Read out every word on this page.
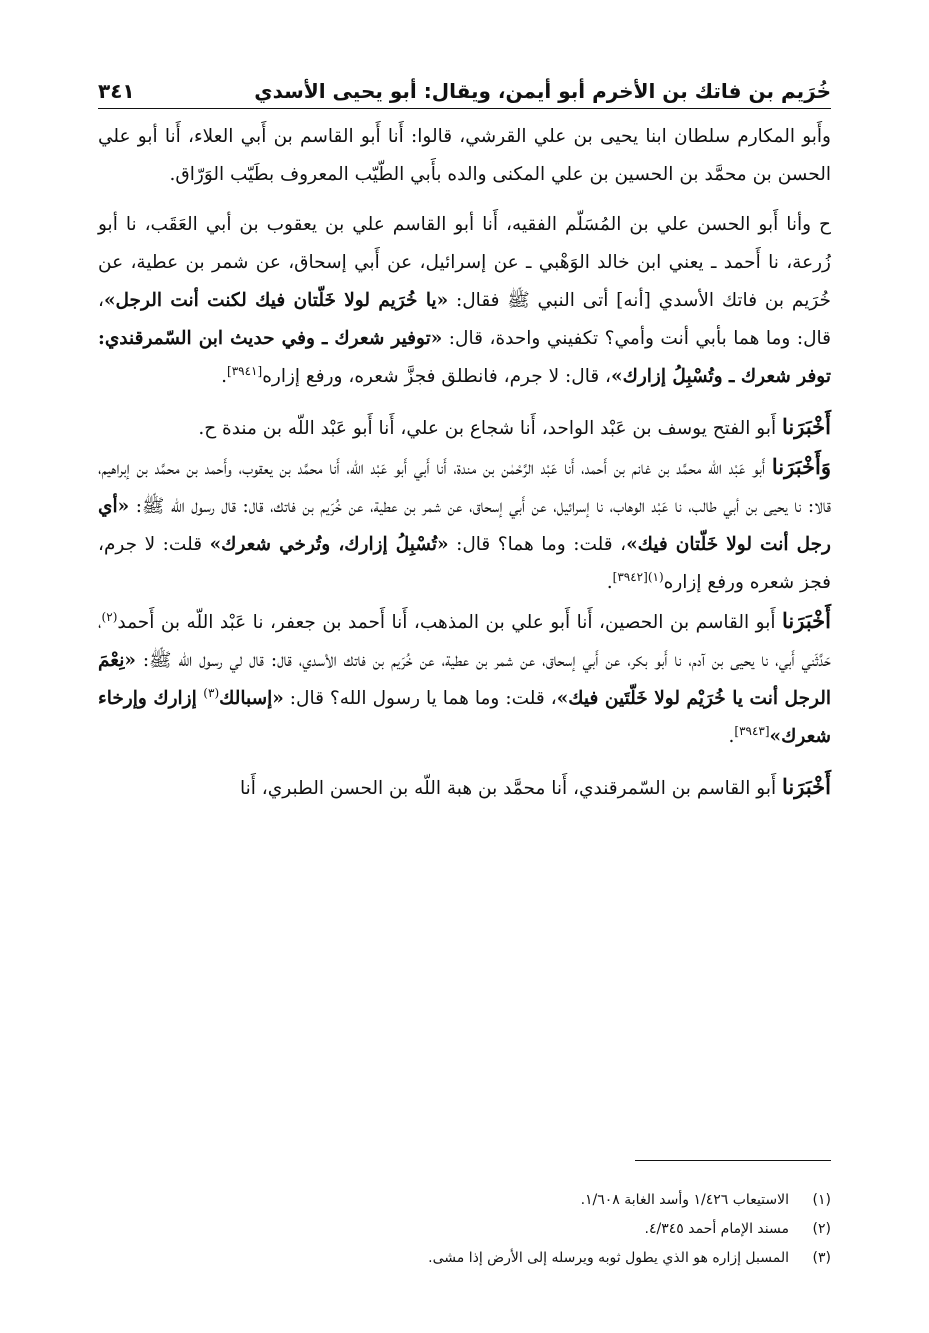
خُرَيم بن فاتك بن الأخرم أبو أيمن، ويقال: أبو يحيى الأسدي
٣٤١

وأَبو المكارم سلطان ابنا يحيى بن علي القرشي، قالوا: أَنا أَبو القاسم بن أَبي العلاء، أَنا أبو علي الحسن بن محمَّد بن الحسين بن علي المكنى والده بأَبي الطّيّب المعروف بطَيّب الوَرّاق.

ح وأنا أَبو الحسن علي بن المُسَلّم الفقيه، أَنا أبو القاسم علي بن يعقوب بن أبي العَقَب، نا أبو زُرعة، نا أَحمد ـ يعني ابن خالد الوَهْبي ـ عن إسرائيل، عن أَبي إسحاق، عن شمر بن عطية، عن خُرَيم بن فاتك الأسدي [أنه] أتى النبي ﷺ فقال: «يا خُرَيم لولا خَلّتان فيك لكنت أنت الرجل»، قال: وما هما بأبي أنت وأمي؟ تكفيني واحدة، قال: «توفير شعرك ـ وفي حديث ابن السّمرقندي: توفر شعرك ـ وتُسْبِلُ إزارك»، قال: لا جرم، فانطلق فجزَّ شعره، ورفع إزاره[٣٩٤١].

أَخْبَرَنا أَبو الفتح يوسف بن عَبْد الواحد، أَنا شجاع بن علي، أَنا أَبو عَبْد اللّه بن مندة ح.

وَأَخْبَرَنا أَبو عَبْد اللّه محمَّد بن غانم بن أَحمد، أَنا عَبْد الرَّحْمٰن بن مندة، أَنا أَبي أَبو عَبْد اللّه، أَنا محمَّد بن يعقوب، وأَحمد بن محمَّد بن إبراهيم، قالا: نا يحيى بن أبي طالب، نا عَبْد الوهاب، نا إسرائيل، عن أَبي إسحاق، عن شمر بن عطية، عن خُرَيم بن فاتك، قال: قال رسول الله ﷺ: «أي رجل أنت لولا خَلّتان فيك»، قلت: وما هما؟ قال: «تُسْبِلُ إزارك، وتُرخي شعرك» قلت: لا جرم، فجز شعره ورفع إزاره$^{(١)[٣٩٤٢]}$.

أَخْبَرَنا أَبو القاسم بن الحصين، أَنا أَبو علي بن المذهب، أَنا أَحمد بن جعفر، نا عَبْد اللّه بن أَحمد$^{(٢)}$، حَدَّثَني أَبي، نا يحيى بن آدم، نا أَبو بكر، عن أَبي إسحاق، عن شمر بن عطية، عن خُرَيم بن فاتك الأسدي، قال: قال لي رسول الله ﷺ: «نِعْمَ الرجل أنت يا خُرَيْم لولا خَلّتَين فيك»، قلت: وما هما يا رسول الله؟ قال: «إسبالك$^{(٣)}$ إزارك وإرخاء شعرك»[٣٩٤٣].

أَخْبَرَنا أَبو القاسم بن السّمرقندي، أَنا محمَّد بن هبة اللّه بن الحسن الطبري، أَنا

(١)
الاستيعاب ١/٤٢٦ وأسد الغابة ١/٦٠٨.
(٢)
مسند الإمام أحمد ٤/٣٤٥.
(٣)
المسبل إزاره هو الذي يطول ثوبه ويرسله إلى الأرض إذا مشى.
